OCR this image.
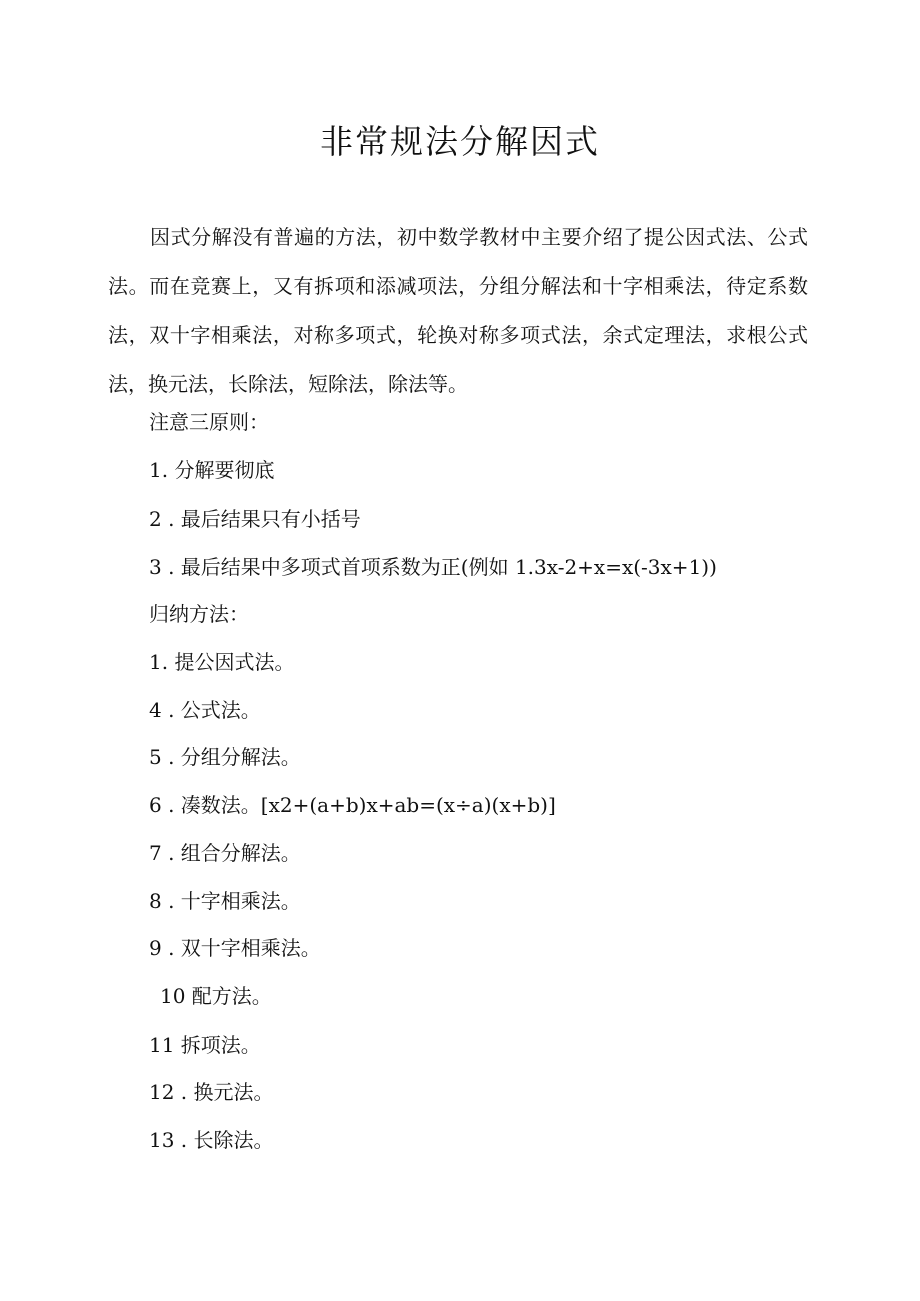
非常规法分解因式

因式分解没有普遍的方法，初中数学教材中主要介绍了提公因式法、公式法。而在竞赛上，又有拆项和添减项法，分组分解法和十字相乘法，待定系数法，双十字相乘法，对称多项式，轮换对称多项式法，余式定理法，求根公式法，换元法，长除法，短除法，除法等。

注意三原则：

1. 分解要彻底

2 . 最后结果只有小括号

3 . 最后结果中多项式首项系数为正(例如 1.3x-2+x=x(-3x+1))

归纳方法：

1. 提公因式法。

4 . 公式法。

5 . 分组分解法。

6 . 凑数法。[x2+(a+b)x+ab=(x÷a)(x+b)]

7 . 组合分解法。

8 . 十字相乘法。

9 . 双十字相乘法。

10 配方法。

11 拆项法。

12 . 换元法。

13 . 长除法。
